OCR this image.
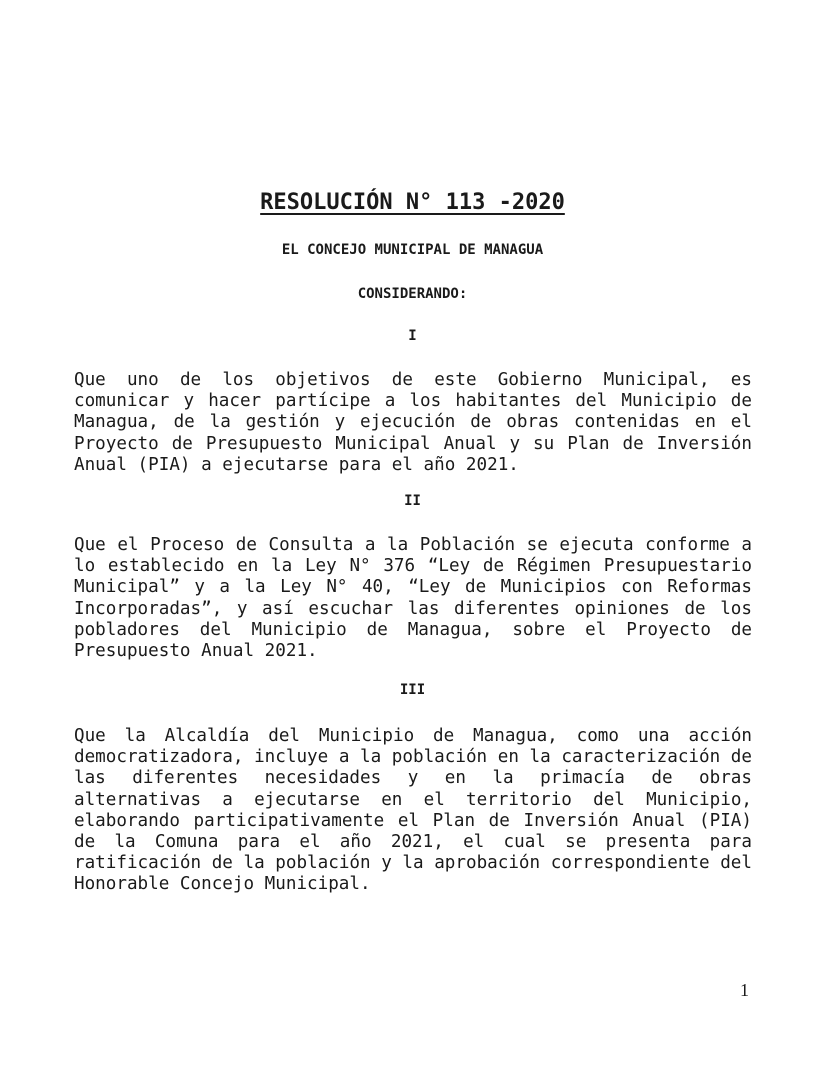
RESOLUCIÓN N° 113 -2020
EL CONCEJO MUNICIPAL DE MANAGUA
CONSIDERANDO:
I
Que uno de los objetivos de este Gobierno Municipal, es comunicar y hacer partícipe a los habitantes del Municipio de Managua, de la gestión y ejecución de obras contenidas en el Proyecto de Presupuesto Municipal Anual y su Plan de Inversión Anual (PIA) a ejecutarse para el año 2021.
II
Que el Proceso de Consulta a la Población se ejecuta conforme a lo establecido en la Ley N° 376 “Ley de Régimen Presupuestario Municipal” y a la Ley N° 40, “Ley de Municipios con Reformas Incorporadas”, y así escuchar las diferentes opiniones de los pobladores del Municipio de Managua, sobre el Proyecto de Presupuesto Anual 2021.
III
Que la Alcaldía del Municipio de Managua, como una acción democratizadora, incluye a la población en la caracterización de las diferentes necesidades y en la primacía de obras alternativas a ejecutarse en el territorio del Municipio, elaborando participativamente el Plan de Inversión Anual (PIA) de la Comuna para el año 2021, el cual se presenta para ratificación de la población y la aprobación correspondiente del Honorable Concejo Municipal.
1
